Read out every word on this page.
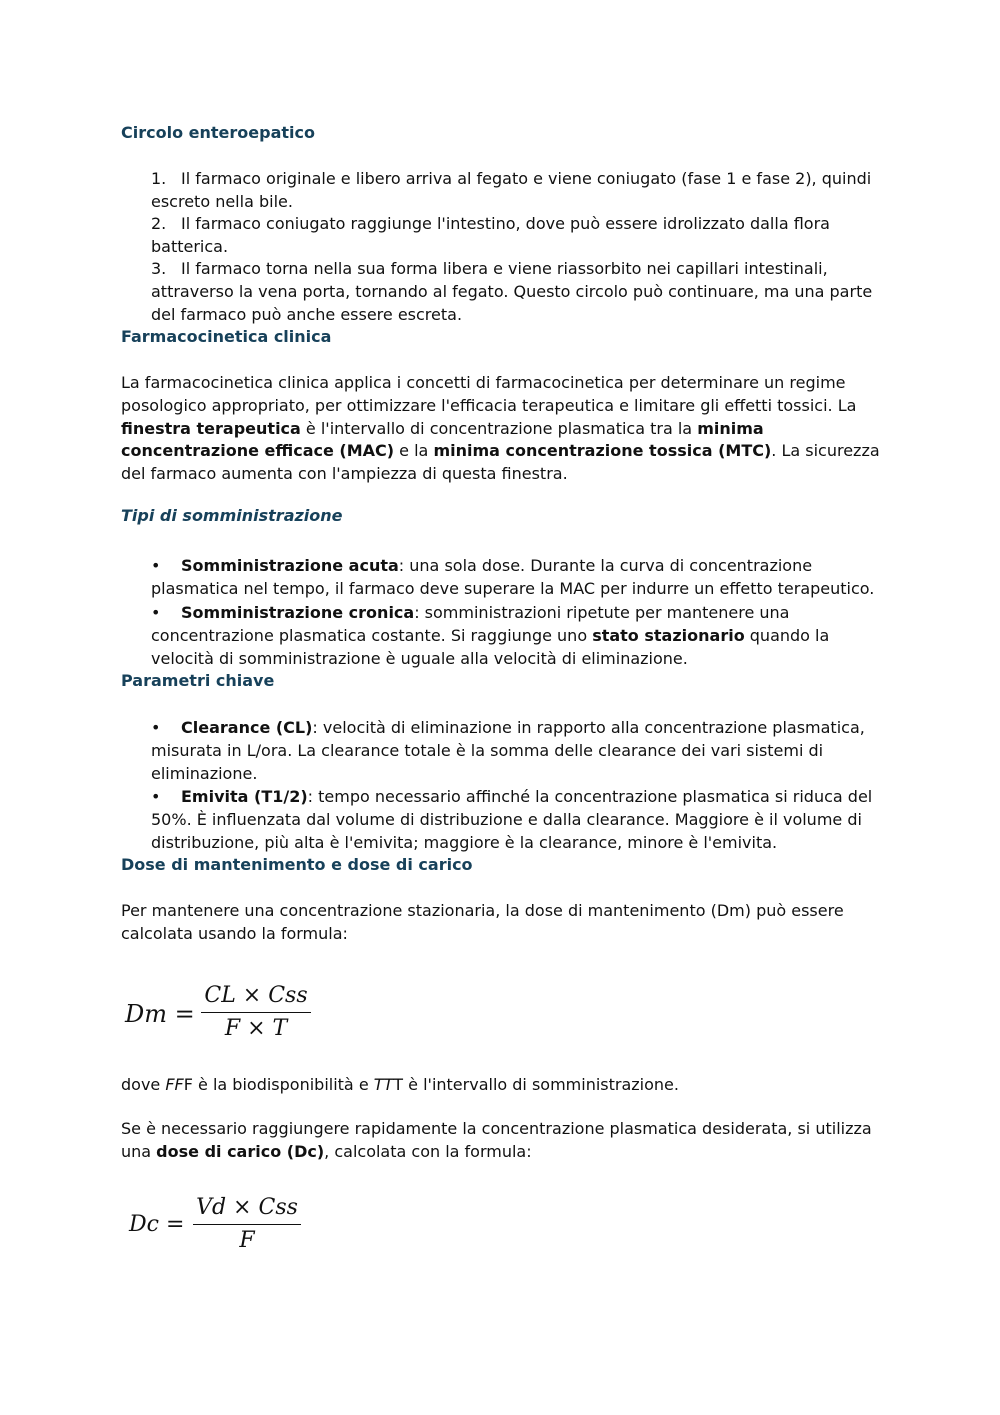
Circolo enteroepatico

1. Il farmaco originale e libero arriva al fegato e viene coniugato (fase 1 e fase 2), quindi escreto nella bile.

2. Il farmaco coniugato raggiunge l'intestino, dove può essere idrolizzato dalla flora batterica.

3. Il farmaco torna nella sua forma libera e viene riassorbito nei capillari intestinali, attraverso la vena porta, tornando al fegato. Questo circolo può continuare, ma una parte del farmaco può anche essere escreta.

Farmacocinetica clinica

La farmacocinetica clinica applica i concetti di farmacocinetica per determinare un regime posologico appropriato, per ottimizzare l'efficacia terapeutica e limitare gli effetti tossici. La finestra terapeutica è l'intervallo di concentrazione plasmatica tra la minima concentrazione efficace (MAC) e la minima concentrazione tossica (MTC). La sicurezza del farmaco aumenta con l'ampiezza di questa finestra.

Tipi di somministrazione

• Somministrazione acuta: una sola dose. Durante la curva di concentrazione plasmatica nel tempo, il farmaco deve superare la MAC per indurre un effetto terapeutico.

• Somministrazione cronica: somministrazioni ripetute per mantenere una concentrazione plasmatica costante. Si raggiunge uno stato stazionario quando la velocità di somministrazione è uguale alla velocità di eliminazione.

Parametri chiave

• Clearance (CL): velocità di eliminazione in rapporto alla concentrazione plasmatica, misurata in L/ora. La clearance totale è la somma delle clearance dei vari sistemi di eliminazione.

• Emivita (T1/2): tempo necessario affinché la concentrazione plasmatica si riduca del 50%. È influenzata dal volume di distribuzione e dalla clearance. Maggiore è il volume di distribuzione, più alta è l'emivita; maggiore è la clearance, minore è l'emivita.

Dose di mantenimento e dose di carico

Per mantenere una concentrazione stazionaria, la dose di mantenimento (Dm) può essere calcolata usando la formula:

Dm =
CL × Css
F × T

dove FFF è la biodisponibilità e TTT è l'intervallo di somministrazione.

Se è necessario raggiungere rapidamente la concentrazione plasmatica desiderata, si utilizza una dose di carico (Dc), calcolata con la formula:

Dc =
Vd × Css
F
